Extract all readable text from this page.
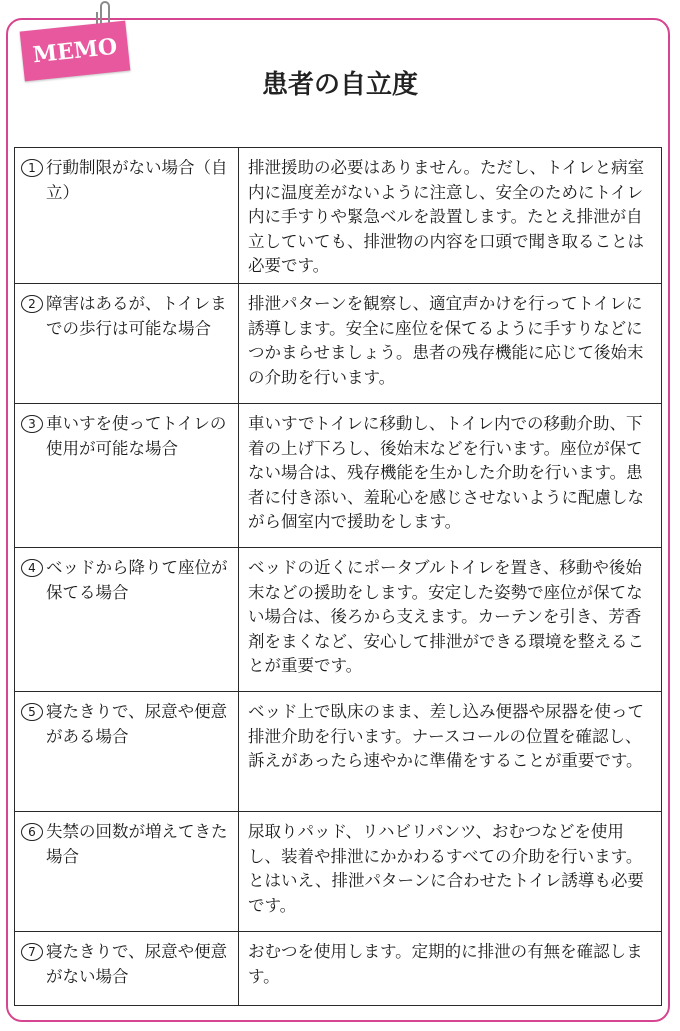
MEMO
患者の自立度
1 行動制限がない場合（自立）	排泄援助の必要はありません。ただし、トイレと病室内に温度差がないように注意し、安全のためにトイレ内に手すりや緊急ベルを設置します。たとえ排泄が自立していても、排泄物の内容を口頭で聞き取ることは必要です。

2 障害はあるが、トイレまでの歩行は可能な場合	排泄パターンを観察し、適宜声かけを行ってトイレに誘導します。安全に座位を保てるように手すりなどにつかまらせましょう。患者の残存機能に応じて後始末の介助を行います。

3 車いすを使ってトイレの使用が可能な場合	車いすでトイレに移動し、トイレ内での移動介助、下着の上げ下ろし、後始末などを行います。座位が保てない場合は、残存機能を生かした介助を行います。患者に付き添い、羞恥心を感じさせないように配慮しながら個室内で援助をします。

4 ベッドから降りて座位が保てる場合	ベッドの近くにポータブルトイレを置き、移動や後始末などの援助をします。安定した姿勢で座位が保てない場合は、後ろから支えます。カーテンを引き、芳香剤をまくなど、安心して排泄ができる環境を整えることが重要です。

5 寝たきりで、尿意や便意がある場合	ベッド上で臥床のまま、差し込み便器や尿器を使って排泄介助を行います。ナースコールの位置を確認し、訴えがあったら速やかに準備をすることが重要です。

6 失禁の回数が増えてきた場合	尿取りパッド、リハビリパンツ、おむつなどを使用し、装着や排泄にかかわるすべての介助を行います。とはいえ、排泄パターンに合わせたトイレ誘導も必要です。

7 寝たきりで、尿意や便意がない場合	おむつを使用します。定期的に排泄の有無を確認します。
